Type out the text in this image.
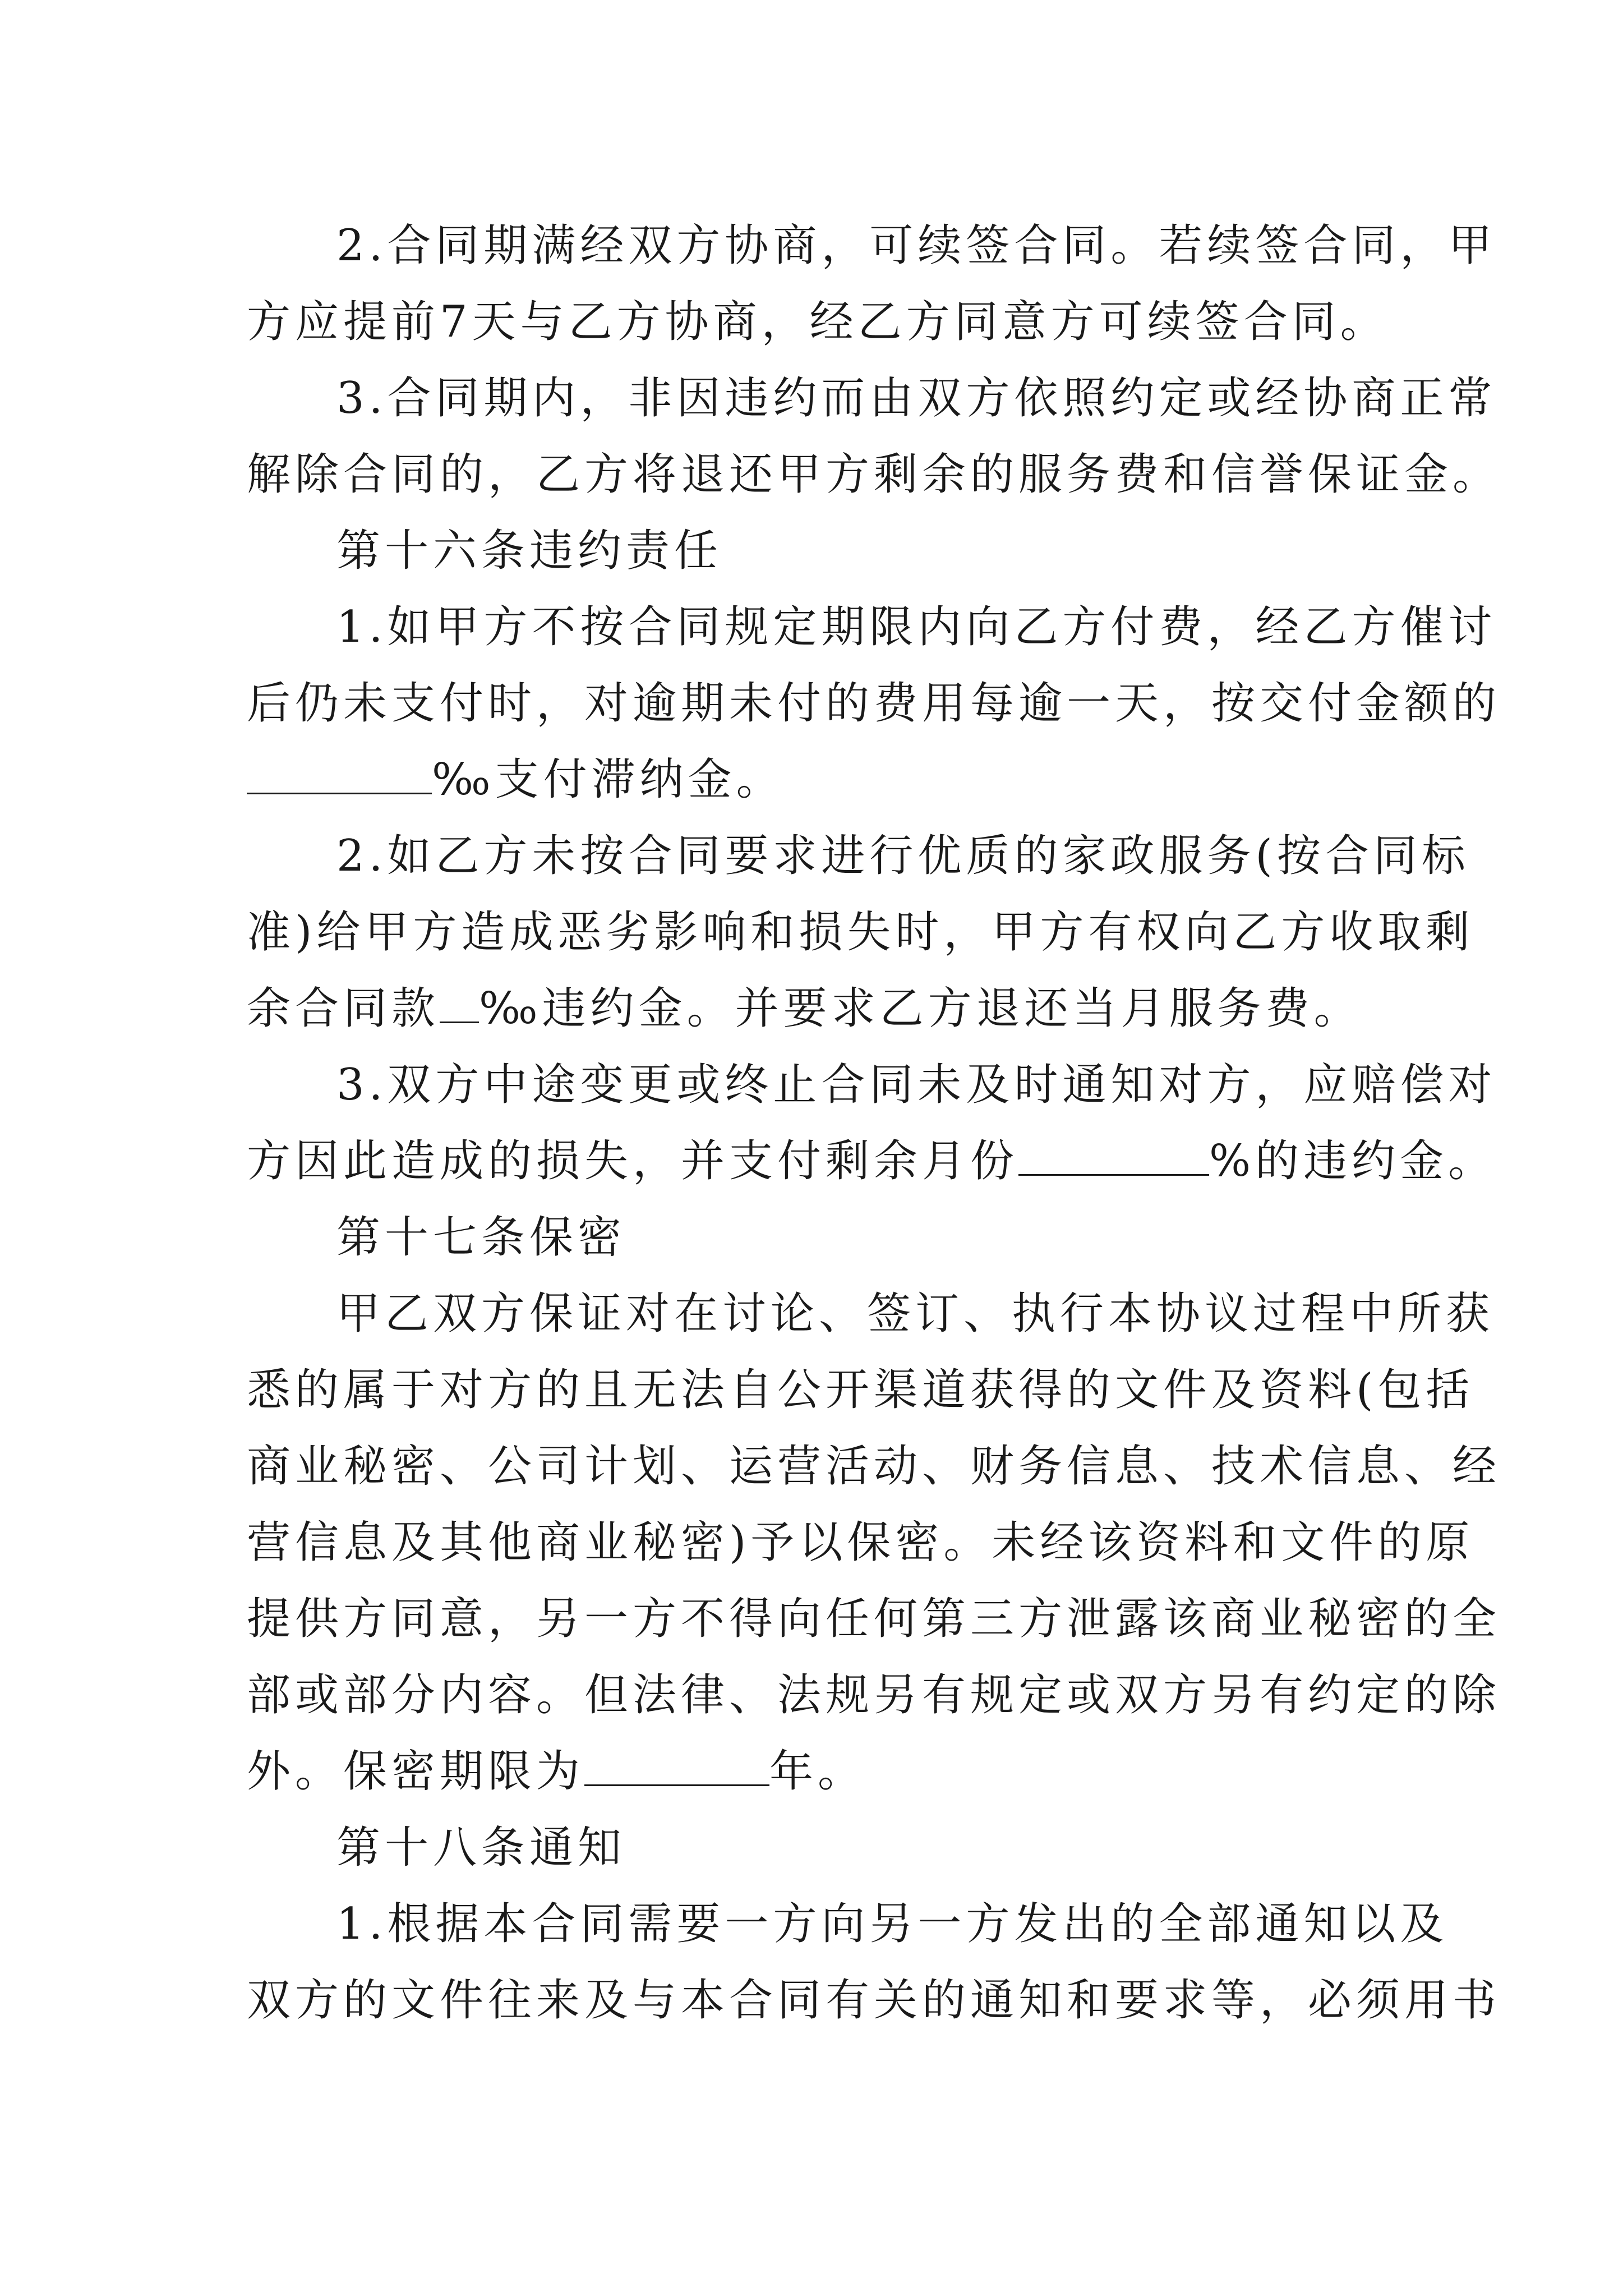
2.合同期满经双方协商，可续签合同。若续签合同，甲
方应提前7天与乙方协商，经乙方同意方可续签合同。
3.合同期内，非因违约而由双方依照约定或经协商正常
解除合同的，乙方将退还甲方剩余的服务费和信誉保证金。
第十六条违约责任
1.如甲方不按合同规定期限内向乙方付费，经乙方催讨
后仍未支付时，对逾期未付的费用每逾一天，按交付金额的
‰支付滞纳金。
2.如乙方未按合同要求进行优质的家政服务(按合同标
准)给甲方造成恶劣影响和损失时，甲方有权向乙方收取剩
余合同款 ‰违约金。并要求乙方退还当月服务费。
3.双方中途变更或终止合同未及时通知对方，应赔偿对
方因此造成的损失，并支付剩余月份	%的违约金。
第十七条保密
甲乙双方保证对在讨论、签订、执行本协议过程中所获
悉的属于对方的且无法自公开渠道获得的文件及资料(包括
商业秘密、公司计划、运营活动、财务信息、技术信息、经
营信息及其他商业秘密)予以保密。未经该资料和文件的原
提供方同意，另一方不得向任何第三方泄露该商业秘密的全
部或部分内容。但法律、法规另有规定或双方另有约定的除
外。保密期限为	年。
第十八条通知
1.根据本合同需要一方向另一方发出的全部通知以及
双方的文件往来及与本合同有关的通知和要求等，必须用书
